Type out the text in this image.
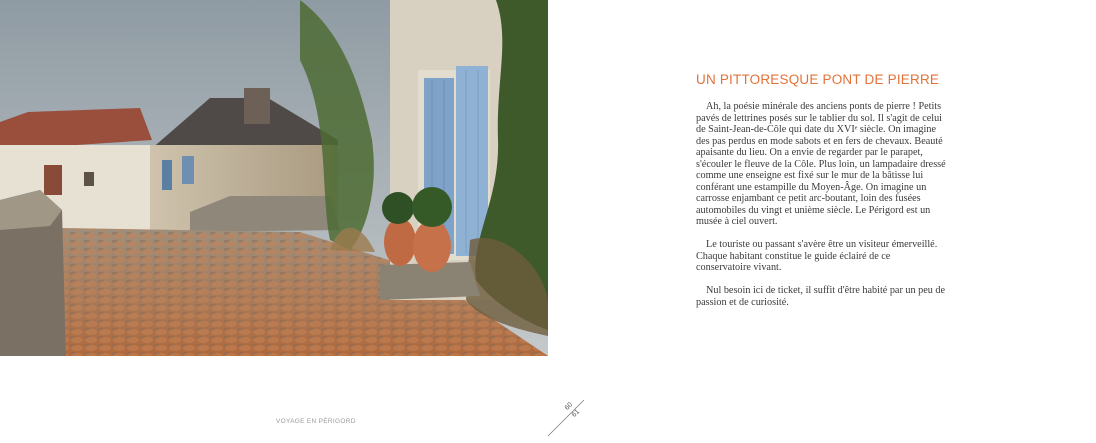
UN PITTORESQUE PONT DE PIERRE

Ah, la poésie minérale des anciens ponts de pierre ! Petits pavés de lettrines posés sur le tablier du sol. Il s'agit de celui de Saint-Jean-de-Côle qui date du XVIᵉ siècle. On imagine des pas perdus en mode sabots et en fers de chevaux. Beauté apaisante du lieu. On a envie de regarder par le parapet, s'écouler le fleuve de la Côle. Plus loin, un lampadaire dressé comme une enseigne est fixé sur le mur de la bâtisse lui conférant une estampille du Moyen-Âge. On imagine un carrosse enjambant ce petit arc-boutant, loin des fusées automobiles du vingt et unième siècle. Le Périgord est un musée à ciel ouvert.

Le touriste ou passant s'avère être un visiteur émerveillé. Chaque habitant constitue le guide éclairé de ce conservatoire vivant.

Nul besoin ici de ticket, il suffit d'être habité par un peu de passion et de curiosité.

VOYAGE EN PÉRIGORD
60
61
